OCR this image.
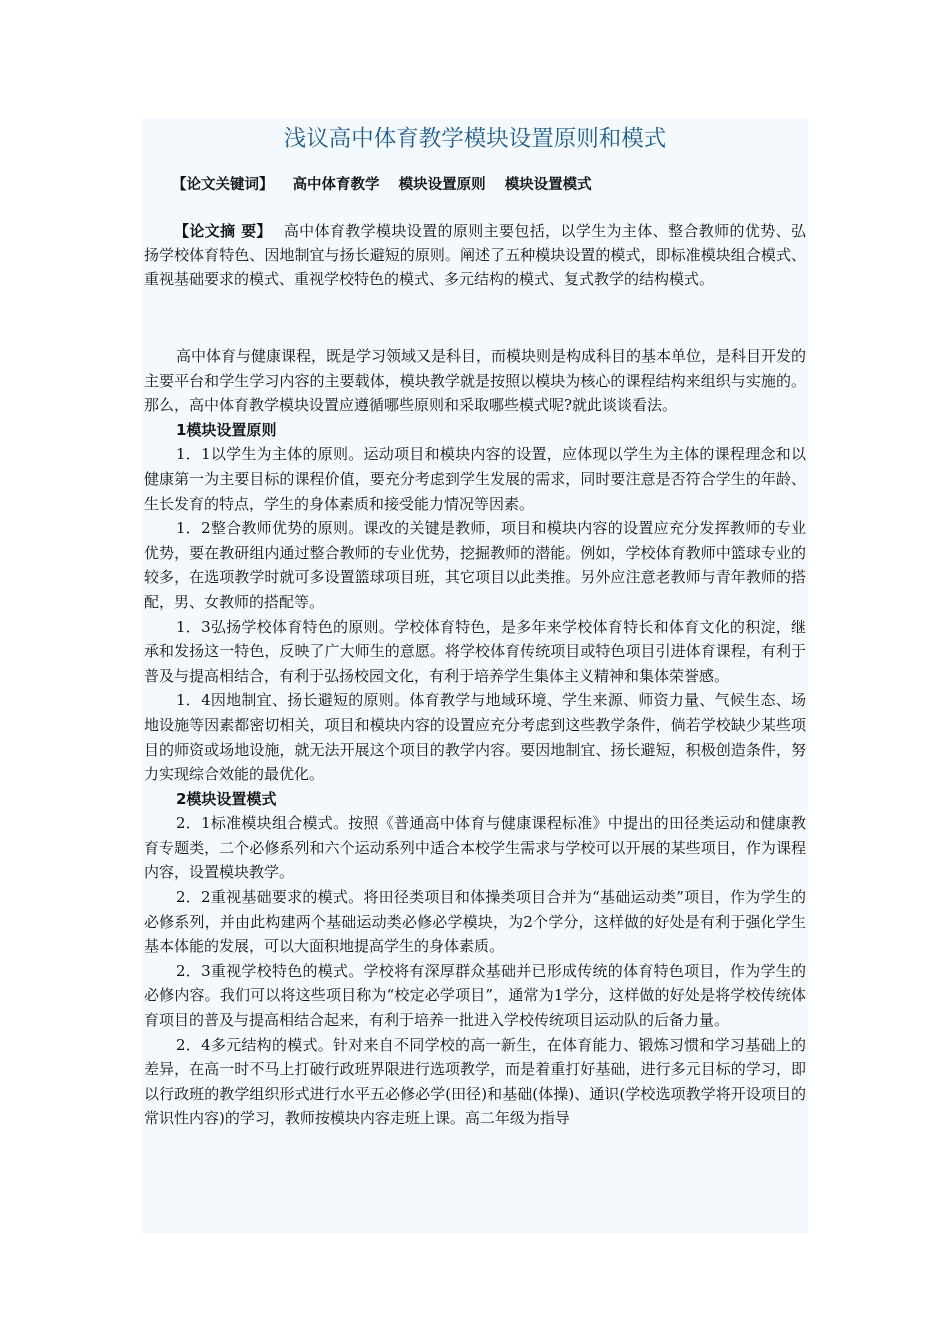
浅议高中体育教学模块设置原则和模式
【论文关键词】 高中体育教学 模块设置原则 模块设置模式

【论文摘 要】 高中体育教学模块设置的原则主要包括，以学生为主体、整合教师的优势、弘扬学校体育特色、因地制宜与扬长避短的原则。阐述了五种模块设置的模式，即标准模块组合模式、重视基础要求的模式、重视学校特色的模式、多元结构的模式、复式教学的结构模式。

高中体育与健康课程，既是学习领域又是科目，而模块则是构成科目的基本单位，是科目开发的主要平台和学生学习内容的主要载体，模块教学就是按照以模块为核心的课程结构来组织与实施的。那么，高中体育教学模块设置应遵循哪些原则和采取哪些模式呢?就此谈谈看法。

1模块设置原则

1．1以学生为主体的原则。运动项目和模块内容的设置，应体现以学生为主体的课程理念和以健康第一为主要目标的课程价值，要充分考虑到学生发展的需求，同时要注意是否符合学生的年龄、生长发育的特点，学生的身体素质和接受能力情况等因素。

1．2整合教师优势的原则。课改的关键是教师，项目和模块内容的设置应充分发挥教师的专业优势，要在教研组内通过整合教师的专业优势，挖掘教师的潜能。例如，学校体育教师中篮球专业的较多，在选项教学时就可多设置篮球项目班，其它项目以此类推。另外应注意老教师与青年教师的搭配，男、女教师的搭配等。

1．3弘扬学校体育特色的原则。学校体育特色，是多年来学校体育特长和体育文化的积淀，继承和发扬这一特色，反映了广大师生的意愿。将学校体育传统项目或特色项目引进体育课程，有利于普及与提高相结合，有利于弘扬校园文化，有利于培养学生集体主义精神和集体荣誉感。

1．4因地制宜、扬长避短的原则。体育教学与地域环境、学生来源、师资力量、气候生态、场地设施等因素都密切相关，项目和模块内容的设置应充分考虑到这些教学条件，倘若学校缺少某些项目的师资或场地设施，就无法开展这个项目的教学内容。要因地制宜、扬长避短，积极创造条件，努力实现综合效能的最优化。

2模块设置模式

2．1标准模块组合模式。按照《普通高中体育与健康课程标准》中提出的田径类运动和健康教育专题类，二个必修系列和六个运动系列中适合本校学生需求与学校可以开展的某些项目，作为课程内容，设置模块教学。

2．2重视基础要求的模式。将田径类项目和体操类项目合并为“基础运动类”项目，作为学生的必修系列，并由此构建两个基础运动类必修必学模块，为2个学分，这样做的好处是有利于强化学生基本体能的发展，可以大面积地提高学生的身体素质。

2．3重视学校特色的模式。学校将有深厚群众基础并已形成传统的体育特色项目，作为学生的必修内容。我们可以将这些项目称为“校定必学项目”，通常为1学分，这样做的好处是将学校传统体育项目的普及与提高相结合起来，有利于培养一批进入学校传统项目运动队的后备力量。

2．4多元结构的模式。针对来自不同学校的高一新生，在体育能力、锻炼习惯和学习基础上的差异，在高一时不马上打破行政班界限进行选项教学，而是着重打好基础，进行多元目标的学习，即以行政班的教学组织形式进行水平五必修必学(田径)和基础(体操)、通识(学校选项教学将开设项目的常识性内容)的学习，教师按模块内容走班上课。高二年级为指导
